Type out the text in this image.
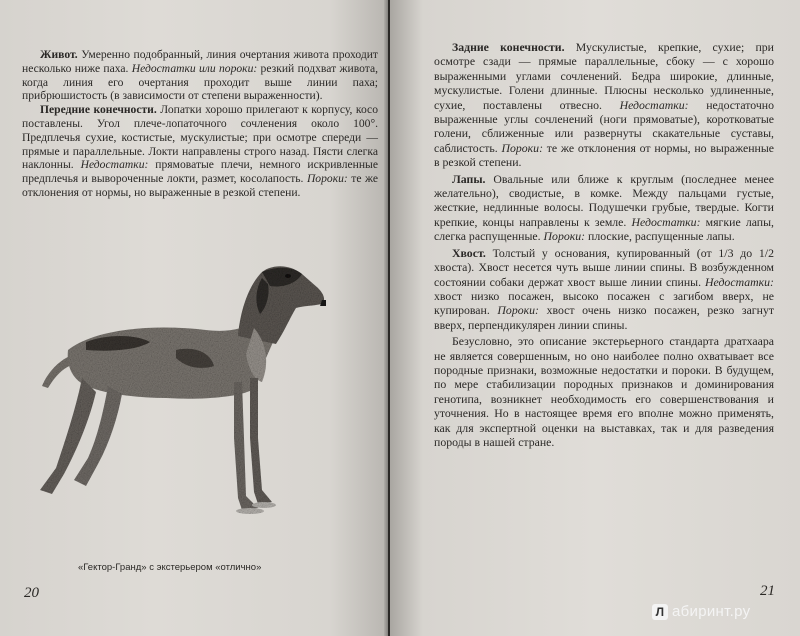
Живот. Умеренно подобранный, линия очертания живота проходит несколько ниже паха. Недостатки или пороки: резкий подхват живота, когда линия его очертания проходит выше линии паха; прибрюшистость (в зависимости от степени выраженности).

Передние конечности. Лопатки хорошо прилегают к корпусу, косо поставлены. Угол плече-лопаточного сочленения около 100°. Предплечья сухие, костистые, мускулистые; при осмотре спереди — прямые и параллельные. Локти направлены строго назад. Пясти слегка наклонны. Недостатки: прямоватые плечи, немного искривленные предплечья и вывороченные локти, размет, косолапость. Пороки: те же отклонения от нормы, но выраженные в резкой степени.

«Гектор-Гранд» с экстерьером «отлично»
20

Задние конечности. Мускулистые, крепкие, сухие; при осмотре сзади — прямые параллельные, сбоку — с хорошо выраженными углами сочленений. Бедра широкие, длинные, мускулистые. Голени длинные. Плюсны несколько удлиненные, сухие, поставлены отвесно. Недостатки: недостаточно выраженные углы сочленений (ноги прямоватые), коротковатые голени, сближенные или развернуты скакательные суставы, саблистость. Пороки: те же отклонения от нормы, но выраженные в резкой степени.

Лапы. Овальные или ближе к круглым (последнее менее желательно), сводистые, в комке. Между пальцами густые, жесткие, недлинные волосы. Подушечки грубые, твердые. Когти крепкие, концы направлены к земле. Недостатки: мягкие лапы, слегка распущенные. Пороки: плоские, распущенные лапы.

Хвост. Толстый у основания, купированный (от 1/3 до 1/2 хвоста). Хвост несется чуть выше линии спины. В возбужденном состоянии собаки держат хвост выше линии спины. Недостатки: хвост низко посажен, высоко посажен с загибом вверх, не купирован. Пороки: хвост очень низко посажен, резко загнут вверх, перпендикулярен линии спины.

Безусловно, это описание экстерьерного стандарта дратхаара не является совершенным, но оно наиболее полно охватывает все породные признаки, возможные недостатки и пороки. В будущем, по мере стабилизации породных признаков и доминирования генотипа, возникнет необходимость его совершенствования и уточнения. Но в настоящее время его вполне можно применять, как для экспертной оценки на выставках, так и для разведения породы в нашей стране.

21
Л абиринт.ру
